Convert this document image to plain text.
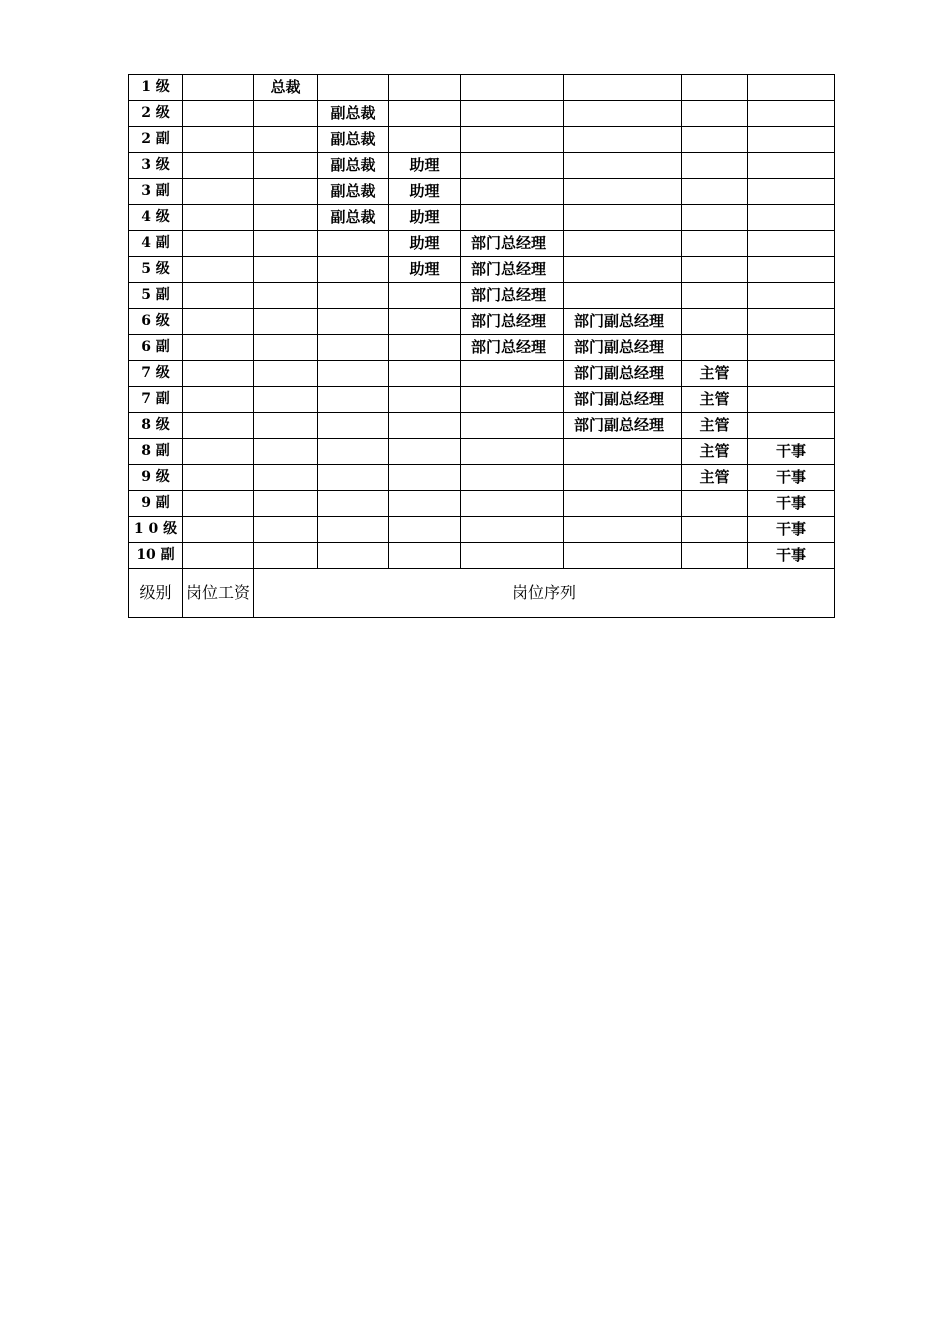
1 级		总裁						
2 级			副总裁					
2 副			副总裁					
3 级			副总裁	助理				
3 副			副总裁	助理				
4 级			副总裁	助理				
4 副				助理	部门总经理			
5 级				助理	部门总经理			
5 副					部门总经理			
6 级					部门总经理	部门副总经理		
6 副					部门总经理	部门副总经理		
7 级						部门副总经理	主管	
7 副						部门副总经理	主管	
8 级						部门副总经理	主管	
8 副							主管	干事
9 级							主管	干事
9 副								干事
1 0 级								干事
10 副								干事
级别	岗位工资	岗位序列						
